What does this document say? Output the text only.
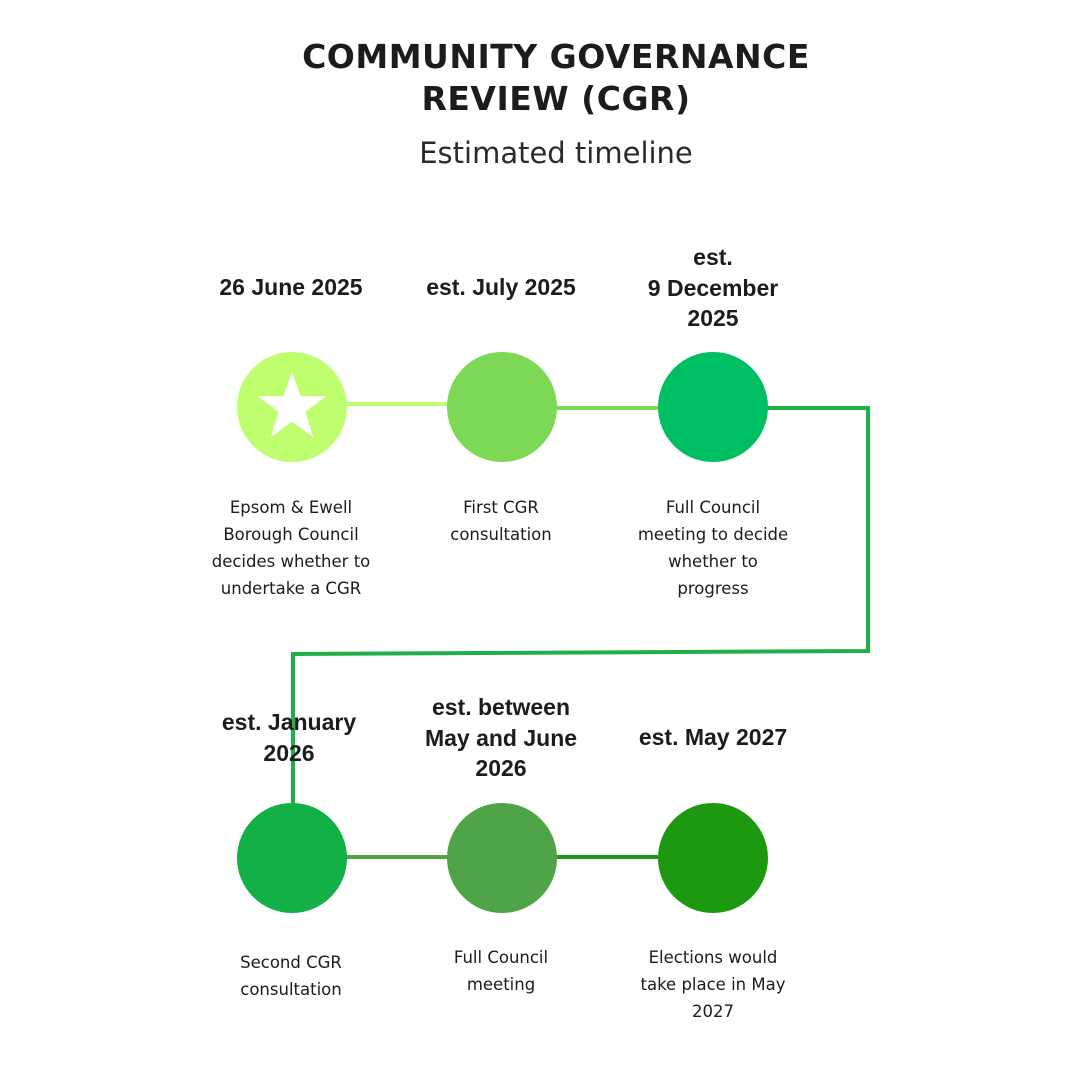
COMMUNITY GOVERNANCE
REVIEW (CGR)
Estimated timeline
26 June 2025
Epsom & Ewell
Borough Council
decides whether to
undertake a CGR
est. July 2025
First CGR
consultation
est.
9 December
2025
Full Council
meeting to decide
whether to
progress
est. January
2026
Second CGR
consultation
est. between
May and June
2026
Full Council
meeting
est. May 2027
Elections would
take place in May
2027
